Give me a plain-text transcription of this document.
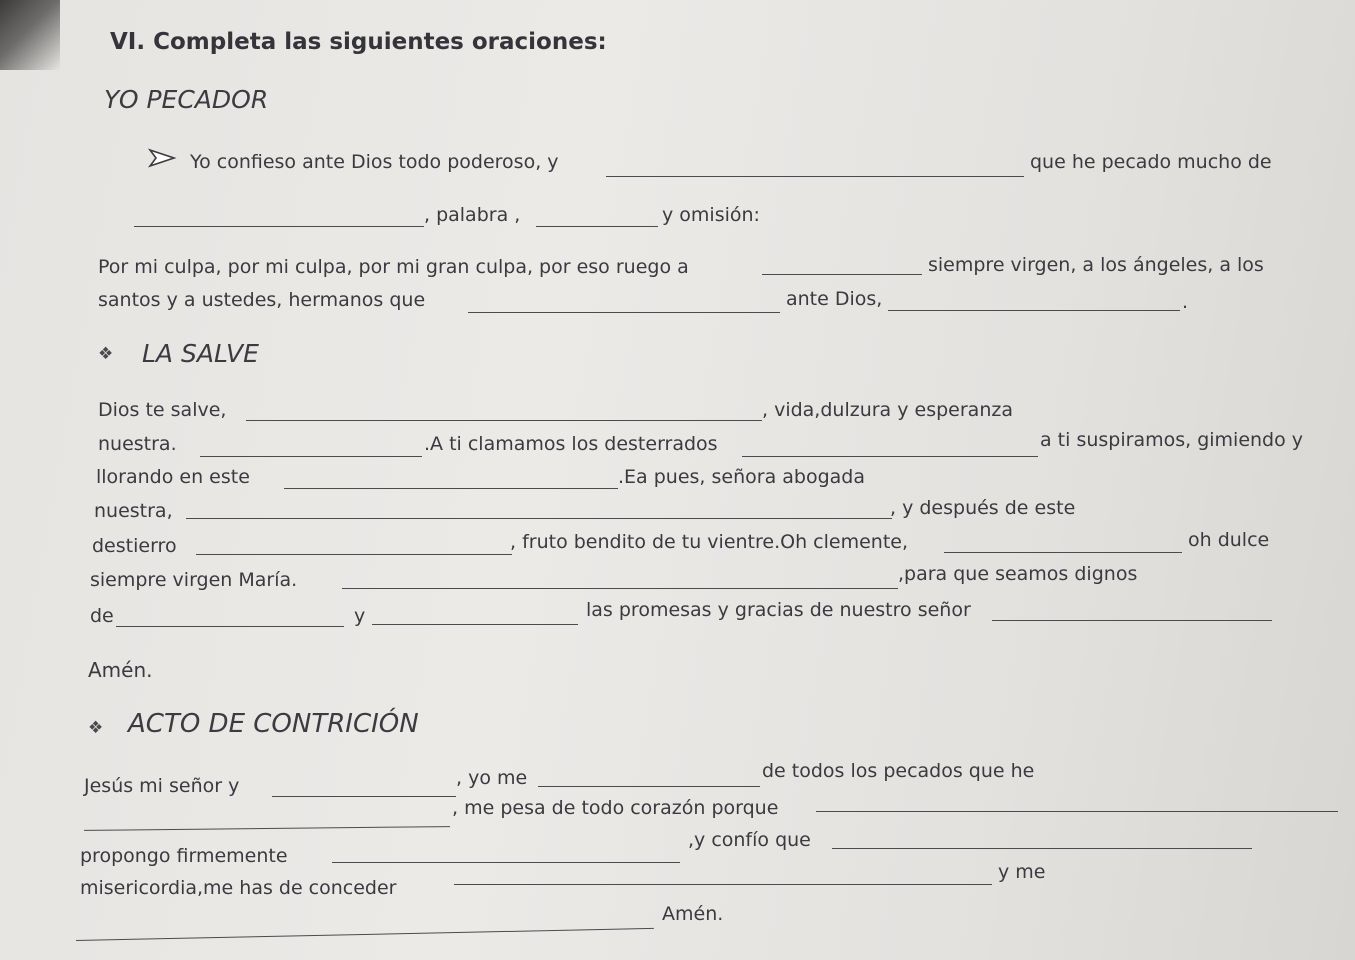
VI. Completa las siguientes oraciones:
YO PECADOR
Yo confieso ante Dios todo poderoso, y	que he pecado mucho de
, palabra ,	y omisión:
Por mi culpa, por mi culpa, por mi gran culpa, por eso ruego a	siempre virgen, a los ángeles, a los
santos y a ustedes, hermanos que	ante Dios,	.
❖ LA SALVE
Dios te salve,	, vida,dulzura y esperanza
nuestra.	.A ti clamamos los desterrados	a ti suspiramos, gimiendo y
llorando en este	.Ea pues, señora abogada
nuestra,	, y después de este
destierro	, fruto bendito de tu vientre.Oh clemente,	oh dulce
siempre virgen María.	,para que seamos dignos
de	y	las promesas y gracias de nuestro señor
Amén.
❖ ACTO DE CONTRICIÓN
Jesús mi señor y	, yo me	de todos los pecados que he
, me pesa de todo corazón porque
propongo firmemente
,y confío que
misericordia,me has de conceder
y me
Amén.
